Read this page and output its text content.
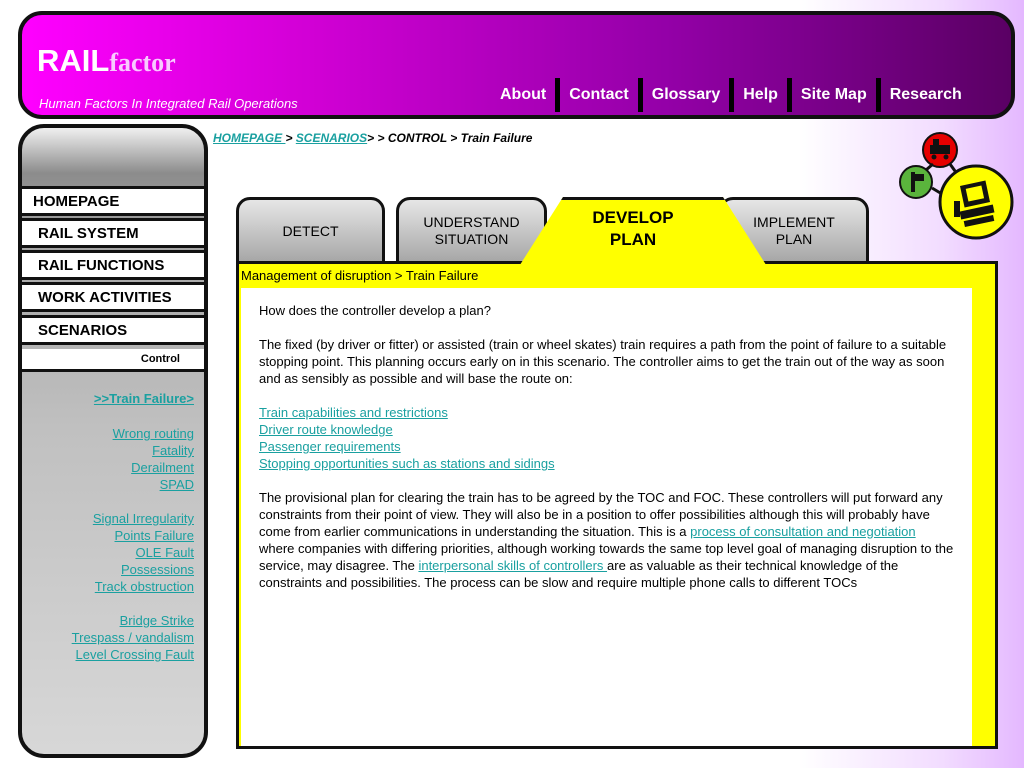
RAILfactor
Human Factors In Integrated Rail Operations
About	Contact	Glossary	Help	Site Map	Research
HOMEPAGE > SCENARIOS> > CONTROL > Train Failure
HOMEPAGE
RAIL SYSTEM
RAIL FUNCTIONS
WORK ACTIVITIES
SCENARIOS
Control
>>Train Failure>
Wrong routing
Fatality
Derailment
SPAD
Signal Irregularity
Points Failure
OLE Fault
Possessions
Track obstruction
Bridge Strike
Trespass / vandalism
Level Crossing Fault
DETECT
UNDERSTAND
SITUATION
IMPLEMENT
PLAN
Management of disruption > Train Failure

How does the controller develop a plan?

The fixed (by driver or fitter) or assisted (train or wheel skates) train requires a path from the point of failure to a suitable stopping point. This planning occurs early on in this scenario. The controller aims to get the train out of the way as soon and as sensibly as possible and will base the route on:

Train capabilities and restrictions
Driver route knowledge
Passenger requirements
Stopping opportunities such as stations and sidings

The provisional plan for clearing the train has to be agreed by the TOC and FOC. These controllers will put forward any constraints from their point of view. They will also be in a position to offer possibilities although this will probably have come from earlier communications in understanding the situation. This is a process of consultation and negotiation where companies with differing priorities, although working towards the same top level goal of managing disruption to the service, may disagree. The interpersonal skills of controllers are as valuable as their technical knowledge of the constraints and possibilities. The process can be slow and require multiple phone calls to different TOCs

DEVELOP
PLAN
